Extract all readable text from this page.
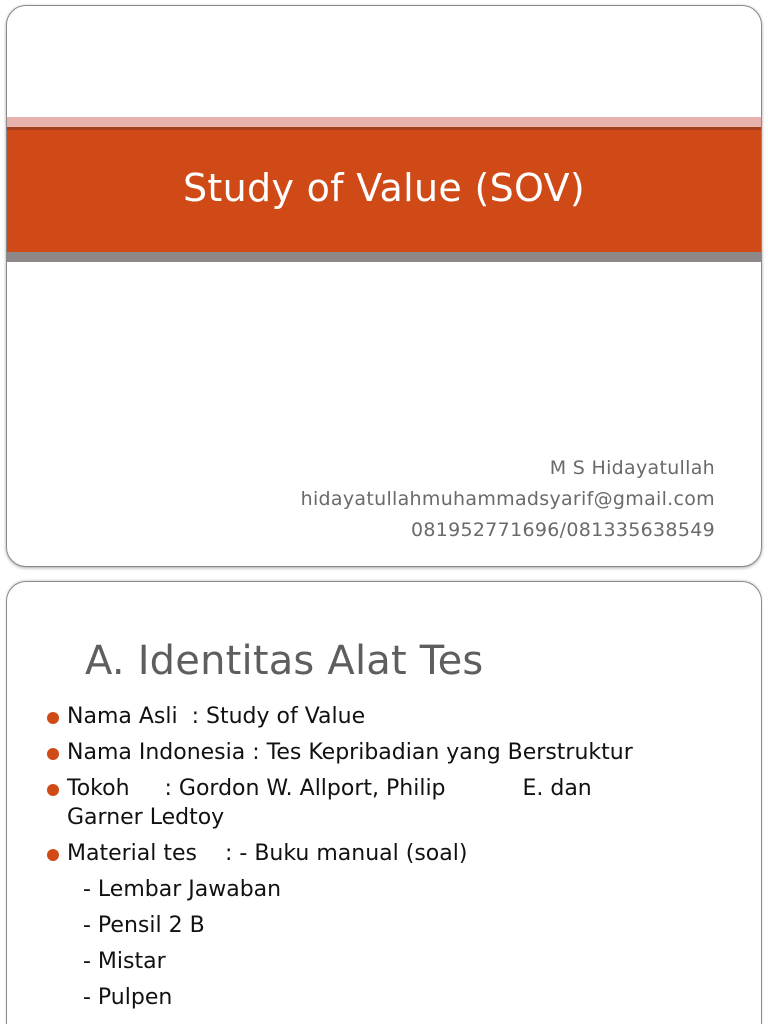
Study of Value (SOV)
M S Hidayatullah
hidayatullahmuhammadsyarif@gmail.com
081952771696/081335638549
A. Identitas Alat Tes
Nama Asli  : Study of Value
Nama Indonesia : Tes Kepribadian yang Berstruktur
Tokoh     : Gordon W. Allport, Philip	E. dan
Garner Ledtoy
Material tes    : - Buku manual (soal)
- Lembar Jawaban
- Pensil 2 B
- Mistar
- Pulpen
